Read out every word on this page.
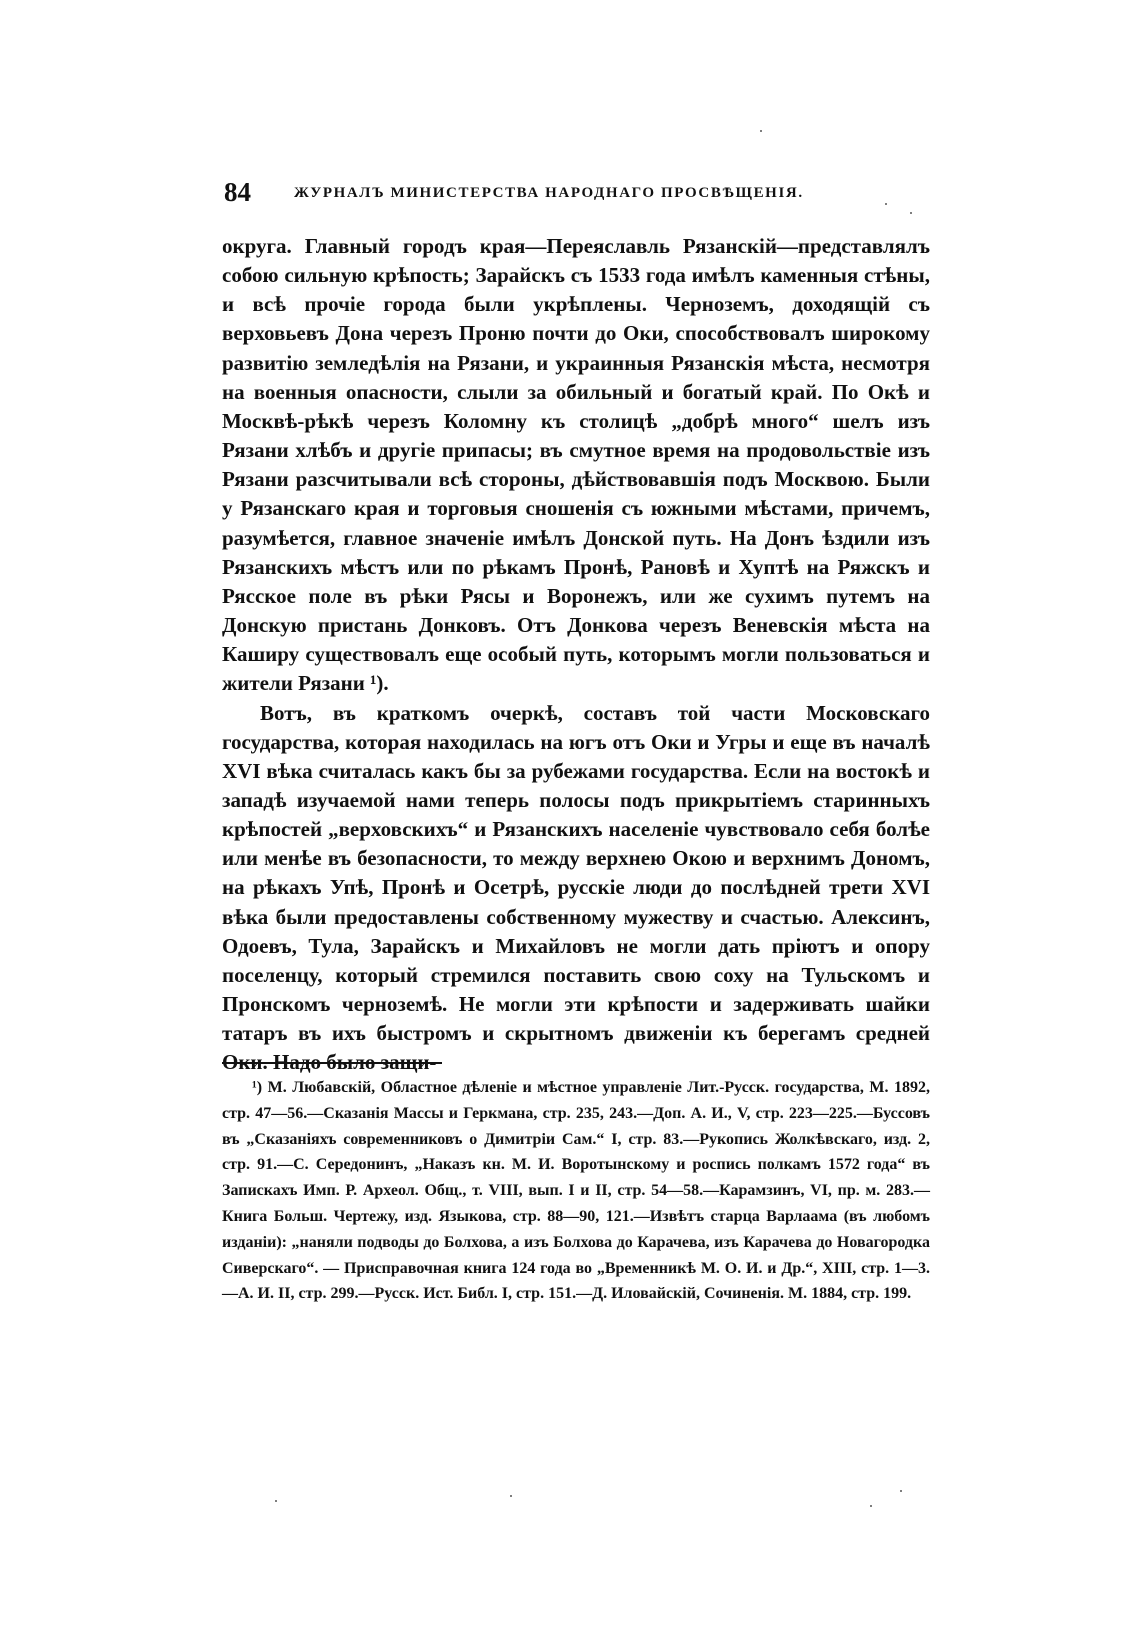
84	ЖУРНАЛЪ МИНИСТЕРСТВА НАРОДНАГО ПРОСВѢЩЕНІЯ.

округа. Главный городъ края—Переяславль Рязанскій—представлялъ собою сильную крѣпость; Зарайскъ съ 1533 года имѣлъ каменныя стѣны, и всѣ прочіе города были укрѣплены. Черноземъ, доходящій съ верховьевъ Дона черезъ Проню почти до Оки, способствовалъ широкому развитію земледѣлія на Рязани, и украинныя Рязанскія мѣста, несмотря на военныя опасности, слыли за обильный и богатый край. По Окѣ и Москвѣ-рѣкѣ черезъ Коломну къ столицѣ „добрѣ много“ шелъ изъ Рязани хлѣбъ и другіе припасы; въ смутное время на продовольствіе изъ Рязани разсчитывали всѣ стороны, дѣйствовавшія подъ Москвою. Были у Рязанскаго края и торговыя сношенія съ южными мѣстами, причемъ, разумѣется, главное значеніе имѣлъ Донской путь. На Донъ ѣздили изъ Рязанскихъ мѣстъ или по рѣкамъ Пронѣ, Рановѣ и Хуптѣ на Ряжскъ и Рясское поле въ рѣки Рясы и Воронежъ, или же сухимъ путемъ на Донскую пристань Донковъ. Отъ Донкова черезъ Веневскія мѣста на Каширу существовалъ еще особый путь, которымъ могли пользоваться и жители Рязани ¹).

Вотъ, въ краткомъ очеркѣ, составъ той части Московскаго государства, которая находилась на югъ отъ Оки и Угры и еще въ началѣ XVI вѣка считалась какъ бы за рубежами государства. Если на востокѣ и западѣ изучаемой нами теперь полосы подъ прикрытіемъ старинныхъ крѣпостей „верховскихъ“ и Рязанскихъ населеніе чувствовало себя болѣе или менѣе въ безопасности, то между верхнею Окою и верхнимъ Дономъ, на рѣкахъ Упѣ, Пронѣ и Осетрѣ, русскіе люди до послѣдней трети XVI вѣка были предоставлены собственному мужеству и счастью. Алексинъ, Одоевъ, Тула, Зарайскъ и Михайловъ не могли дать пріютъ и опору поселенцу, который стремился поставить свою соху на Тульскомъ и Пронскомъ черноземѣ. Не могли эти крѣпости и задерживать шайки татаръ въ ихъ быстромъ и скрытномъ движеніи къ берегамъ средней Оки. Надо было защи-

¹) М. Любавскій, Областное дѣленіе и мѣстное управленіе Лит.-Русск. государства, М. 1892, стр. 47—56.—Сказанія Массы и Геркмана, стр. 235, 243.—Доп. А. И., V, стр. 223—225.—Буссовъ въ „Сказаніяхъ современниковъ о Димитріи Сам.“ I, стр. 83.—Рукопись Жолкѣвскаго, изд. 2, стр. 91.—С. Середонинъ, „Наказъ кн. М. И. Воротынскому и роспись полкамъ 1572 года“ въ Запискахъ Имп. Р. Археол. Общ., т. VIII, вып. I и II, стр. 54—58.—Карамзинъ, VI, пр. м. 283.—Книга Больш. Чертежу, изд. Языкова, стр. 88—90, 121.—Извѣтъ старца Варлаама (въ любомъ изданіи): „наняли подводы до Болхова, а изъ Болхова до Карачева, изъ Карачева до Новагородка Сиверскаго“. — Присправочная книга 124 года во „Временникѣ М. О. И. и Др.“, XIII, стр. 1—3.—А. И. II, стр. 299.—Русск. Ист. Библ. I, стр. 151.—Д. Иловайскій, Сочиненія. М. 1884, стр. 199.
